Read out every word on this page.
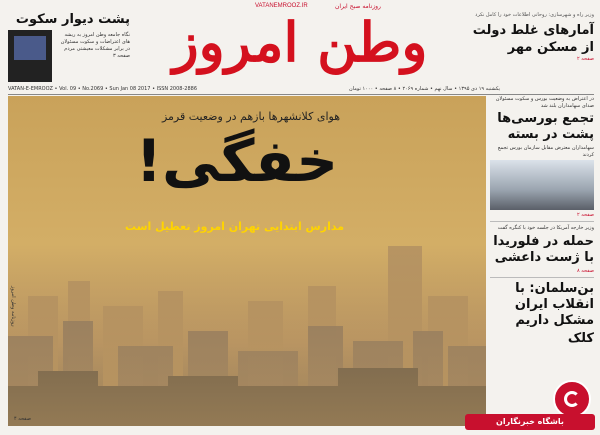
پشت دیوار سکوت
نگاه جامعه وطن امروز به ریشه های اعتراضات و سکوت مسئولان در برابر مشکلات معیشتی مردم صفحه ۳
VATANEMROOZ.IR	روزنامه صبح ایران
وطن امروز	وزیر راه و شهرسازی: روحانی اطلاعات خود را کامل نکرد
آمارهای غلط دولت از مسکن مهر
صفحه ۲
VATAN-E-EMROOZ • Vol. 09 • No.2069 • Sun Jan 08 2017 • ISSN 2008-2886	یکشنبه ۱۹ دی ۱۳۹۵ • سال نهم • شماره ۲۰۶۹ • ۸ صفحه • ۱۰۰۰ تومان
هوای کلانشهرها بازهم در وضعیت قرمز
خفگی!
مدارس ابتدایی تهران امروز تعطیل است
روزنامه وطن امروز
صفحه ۴
در اعتراض به وضعیت بورس و سکوت مسئولان صدای سهامداران بلند شد
تجمع بورسی‌ها پشت در بسته
سهامداران معترض مقابل سازمان بورس تجمع کردند
صفحه ۲
وزیر خارجه آمریکا در جلسه خود با کنگره گفت
حمله در فلوریدا با ژست داعشی
صفحه ۸
بن‌سلمان: با انقلاب ایران مشکل داریم
کلک
باشگاه خبرنگاران
